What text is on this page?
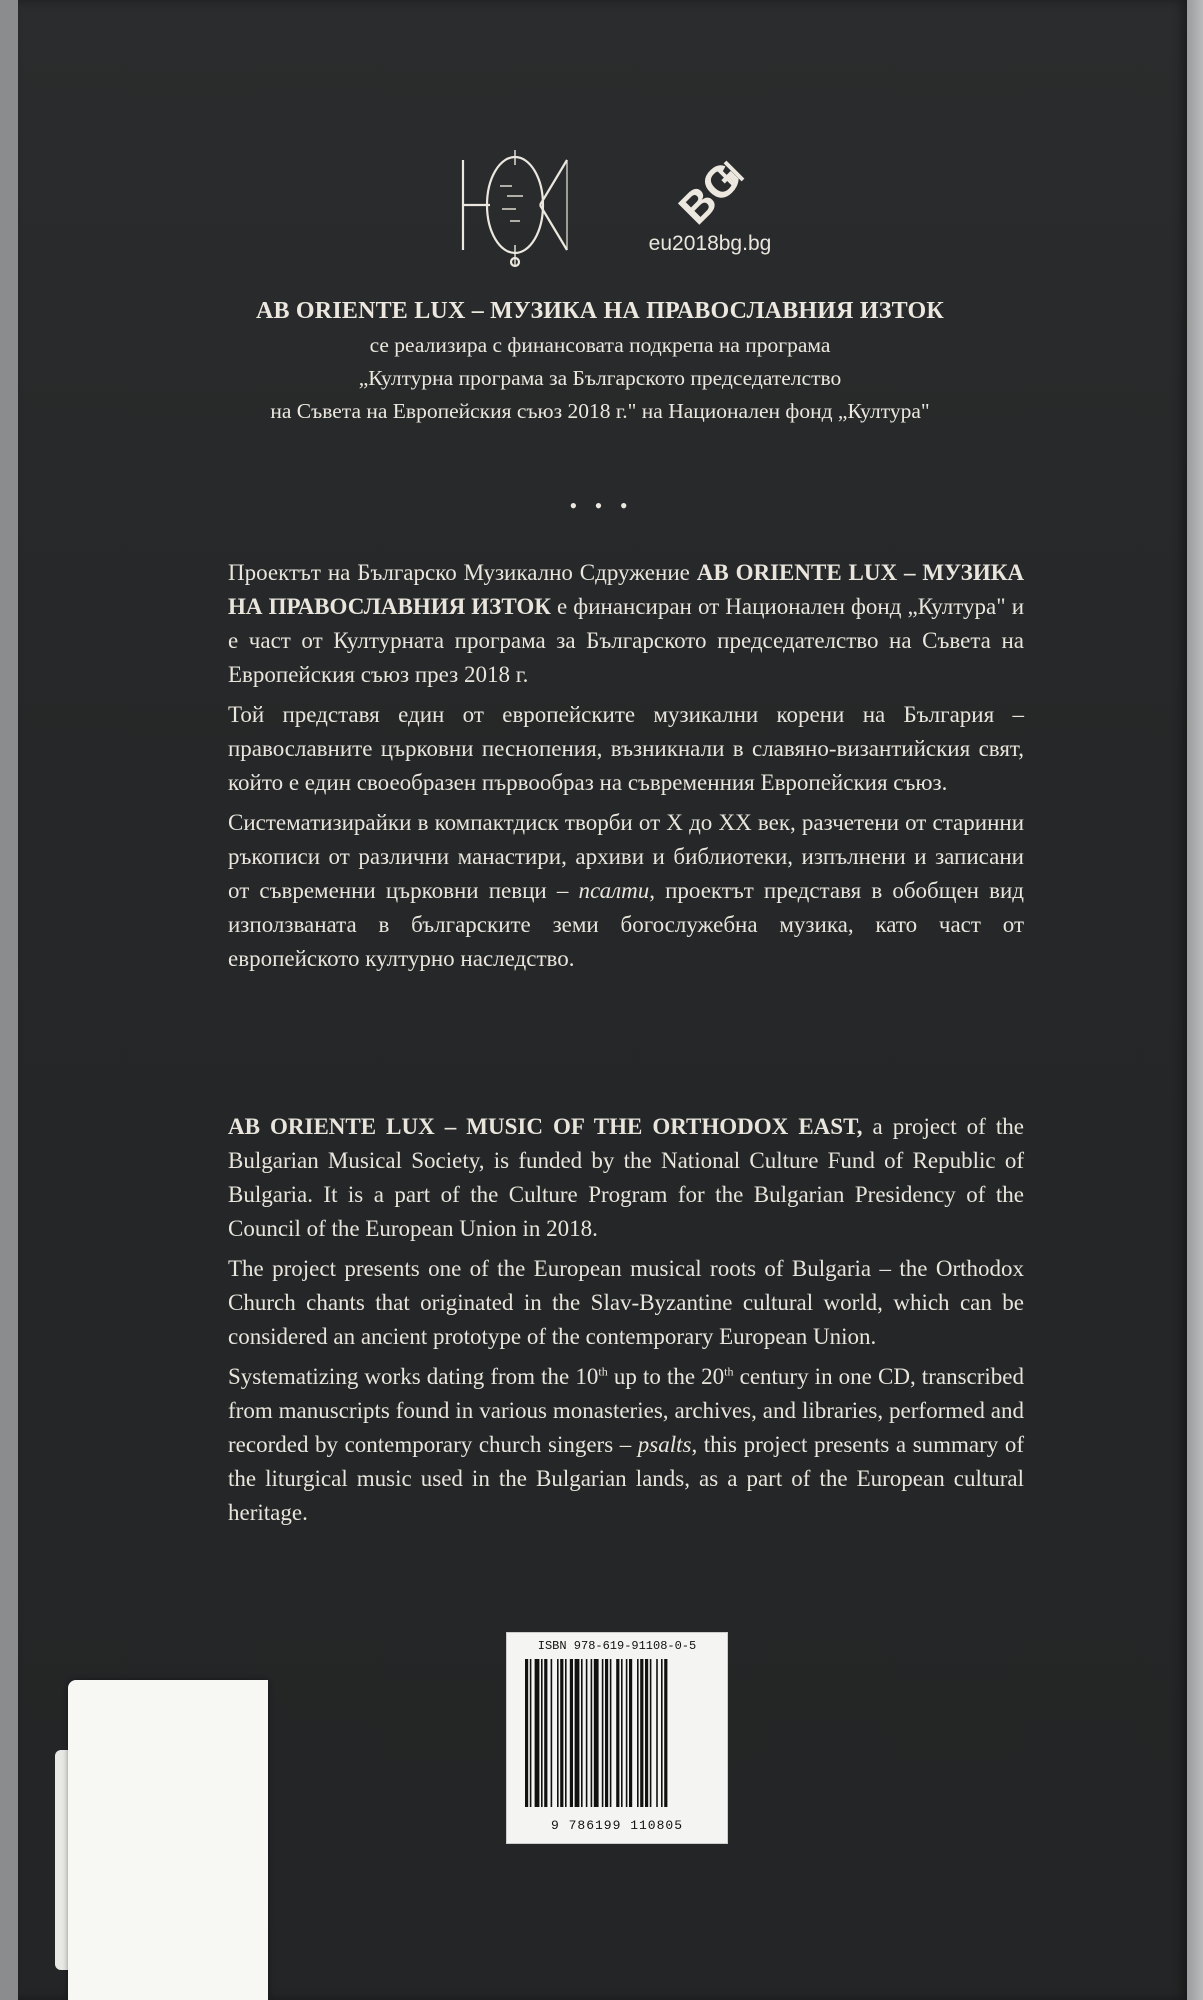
BG
eu2018bg.bg
AB ORIENTE LUX – МУЗИКА НА ПРАВОСЛАВНИЯ ИЗТОК
се реализира с финансовата подкрепа на програма
„Културна програма за Българското председателство
на Съвета на Европейския съюз 2018 г." на Национален фонд „Култура"
• • •

Проектът на Българско Музикално Сдружение AB ORIENTE LUX – МУЗИКА НА ПРАВОСЛАВНИЯ ИЗТОК е финансиран от Национален фонд „Култура" и е част от Културната програма за Българското председателство на Съвета на Европейския съюз през 2018 г.

Той представя един от европейските музикални корени на България – православните църковни песнопения, възникнали в славяно-византийския свят, който е един своеобразен първообраз на съвременния Европейския съюз.

Систематизирайки в компактдиск творби от X до XX век, разчетени от старинни ръкописи от различни манастири, архиви и библиотеки, изпълнени и записани от съвременни църковни певци – псалти, проектът представя в обобщен вид използваната в българските земи богослужебна музика, като част от европейското културно наследство.

AB ORIENTE LUX – MUSIC OF THE ORTHODOX EAST, a project of the Bulgarian Musical Society, is funded by the National Culture Fund of Republic of Bulgaria. It is a part of the Culture Program for the Bulgarian Presidency of the Council of the European Union in 2018.

The project presents one of the European musical roots of Bulgaria – the Orthodox Church chants that originated in the Slav-Byzantine cultural world, which can be considered an ancient prototype of the contemporary European Union.

Systematizing works dating from the 10th up to the 20th century in one CD, transcribed from manuscripts found in various monasteries, archives, and libraries, performed and recorded by contemporary church singers – psalts, this project presents a summary of the liturgical music used in the Bulgarian lands, as a part of the European cultural heritage.

ISBN 978-619-91108-0-5
9 786199 110805
